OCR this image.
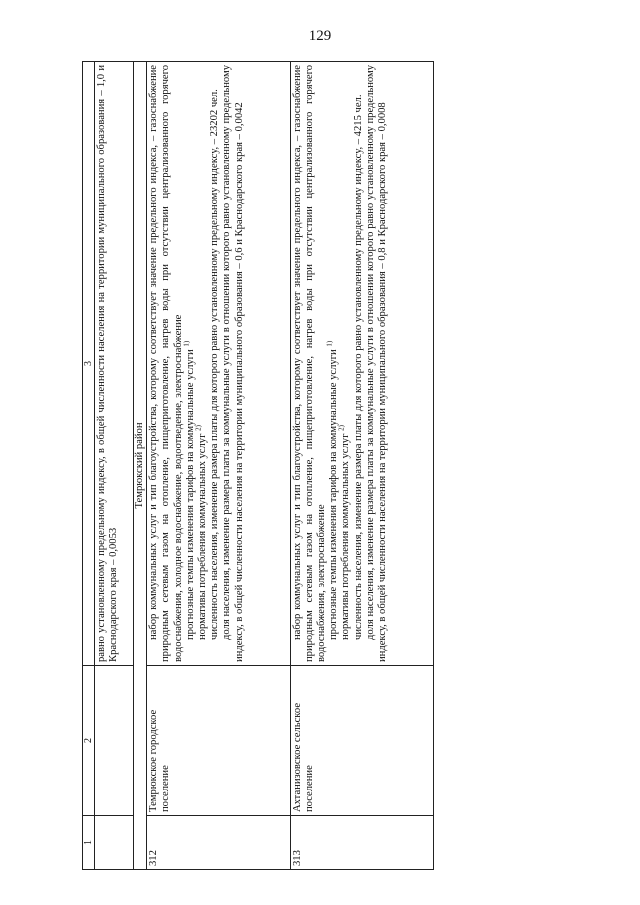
129
1	2	3
		равно установленному предельному индексу, в общей численности населения на территории муниципального образования – 1,0 и Краснодарского края – 0,0053
Темрюкский район		
312	Темрюкское городское поселение	набор коммунальных услуг и тип благоустройства, которому соответствует значение предельного индекса, – газоснабжение природным сетевым газом на отопление, пищеприготовление, нагрев воды при отсутствии централизованного горячего водоснабжения, холодное водоснабжение, водоотведение, электроснабжение прогнозные темпы изменения тарифов на коммунальные услуги $^{1)}$

нормативы потребления коммунальных услуг $^{2)}$ численность населения, изменение размера платы для которого равно установленному предельному индексу, – 23202 чел. доля населения, изменение размера платы за коммунальные услуги в отношении которого равно установленному предельному индексу, в общей численности населения на территории муниципального образования – 0,6 и Краснодарского края – 0,0042

313	Ахтанизовское сельское поселение	набор коммунальных услуг и тип благоустройства, которому соответствует значение предельного индекса, – газоснабжение природным сетевым газом на отопление, пищеприготовление, нагрев воды при отсутствии централизованного горячего водоснабжения, электроснабжение прогнозные темпы изменения тарифов на коммунальные услуги $^{1)}$

нормативы потребления коммунальных услуг $^{2)}$ численность населения, изменение размера платы для которого равно установленному предельному индексу, – 4215 чел. доля населения, изменение размера платы за коммунальные услуги в отношении которого равно установленному предельному индексу, в общей численности населения на территории муниципального образования – 0,8 и Краснодарского края – 0,0008
